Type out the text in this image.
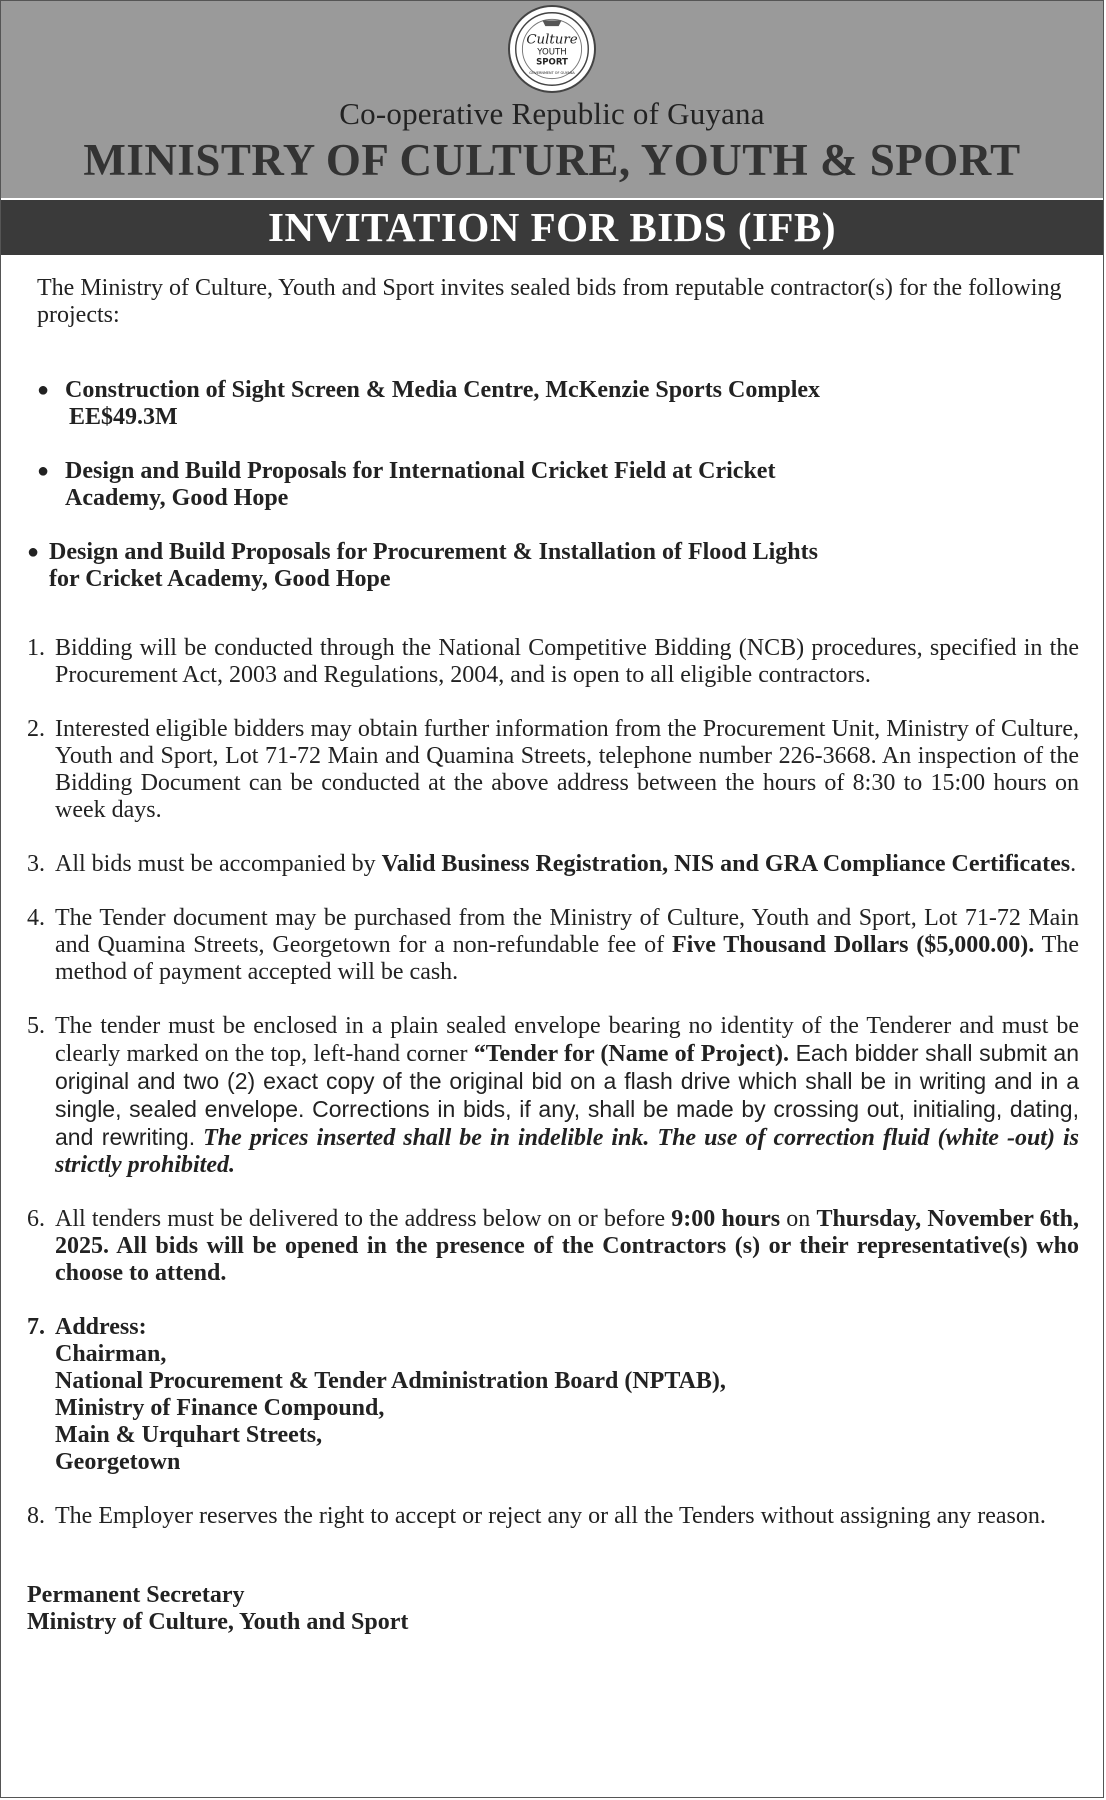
Culture
YOUTH
SPORT
GOVERNMENT OF GUYANA
Co-operative Republic of Guyana
MINISTRY OF CULTURE, YOUTH & SPORT
INVITATION FOR BIDS (IFB)

The Ministry of Culture, Youth and Sport invites sealed bids from reputable contractor(s) for the following projects:

● Construction of Sight Screen & Media Centre, McKenzie Sports Complex
EE$49.3M
● Design and Build Proposals for International Cricket Field at Cricket
Academy, Good Hope
● Design and Build Proposals for Procurement & Installation of Flood Lights
for Cricket Academy, Good Hope
1. Bidding will be conducted through the National Competitive Bidding (NCB) procedures, specified in the Procurement Act, 2003 and Regulations, 2004, and is open to all eligible contractors.
2. Interested eligible bidders may obtain further information from the Procurement Unit, Ministry of Culture, Youth and Sport, Lot 71-72 Main and Quamina Streets, telephone number 226-3668. An inspection of the Bidding Document can be conducted at the above address between the hours of 8:30 to 15:00 hours on week days.
3. All bids must be accompanied by Valid Business Registration, NIS and GRA Compliance Certificates.
4. The Tender document may be purchased from the Ministry of Culture, Youth and Sport, Lot 71-72 Main and Quamina Streets, Georgetown for a non-refundable fee of Five Thousand Dollars ($5,000.00). The method of payment accepted will be cash.
5. The tender must be enclosed in a plain sealed envelope bearing no identity of the Tenderer and must be clearly marked on the top, left-hand corner “Tender for (Name of Project). Each bidder shall submit an original and two (2) exact copy of the original bid on a flash drive which shall be in writing and in a single, sealed envelope. Corrections in bids, if any, shall be made by crossing out, initialing, dating, and rewriting. The prices inserted shall be in indelible ink. The use of correction fluid (white -out) is strictly prohibited.
6. All tenders must be delivered to the address below on or before 9:00 hours on Thursday, November 6th, 2025. All bids will be opened in the presence of the Contractors (s) or their representative(s) who choose to attend.
7. Address:
Chairman,
National Procurement & Tender Administration Board (NPTAB),
Ministry of Finance Compound,
Main & Urquhart Streets,
Georgetown
8. The Employer reserves the right to accept or reject any or all the Tenders without assigning any reason.
Permanent Secretary
Ministry of Culture, Youth and Sport
